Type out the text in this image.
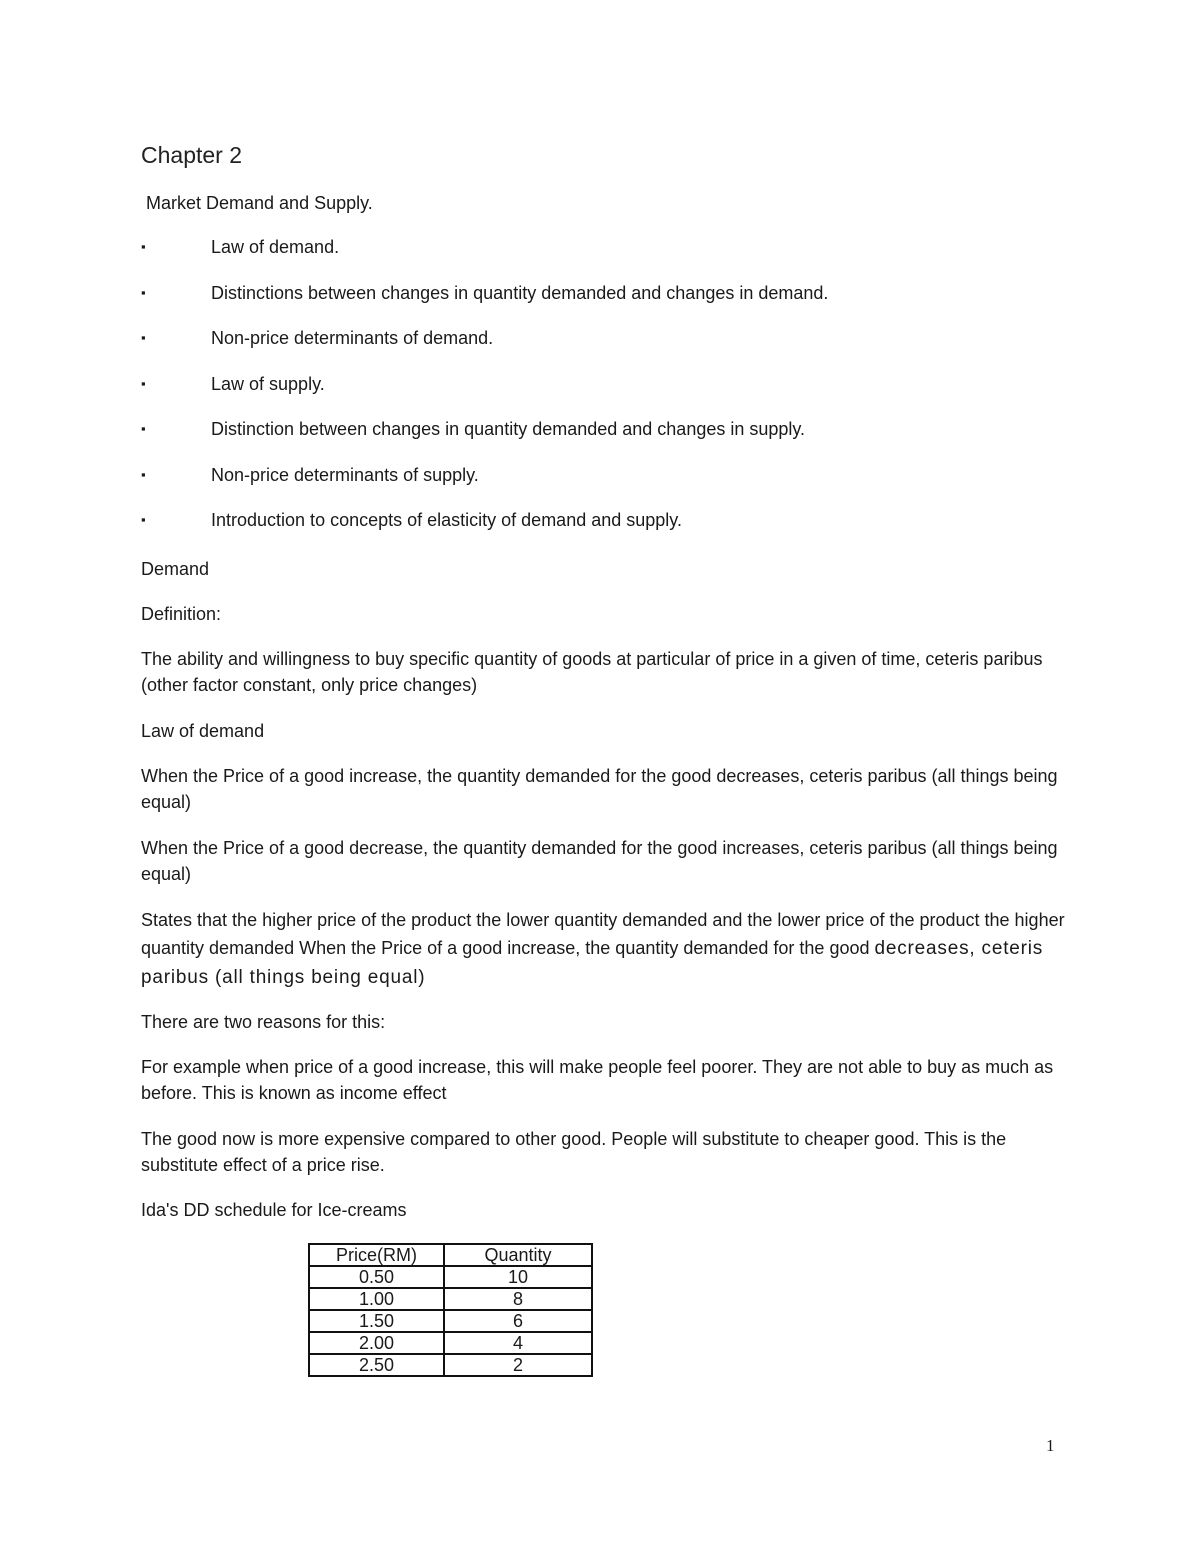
Chapter 2
Market Demand and Supply.
▪	Law of demand.
▪	Distinctions between changes in quantity demanded and changes in demand.
▪	Non-price determinants of demand.
▪	Law of supply.
▪	Distinction between changes in quantity demanded and changes in supply.
▪	Non-price determinants of supply.
▪	Introduction to concepts of elasticity of demand and supply.
Demand
Definition:
The ability and willingness to buy specific quantity of goods at particular of price in a given of time, ceteris paribus (other factor constant, only price changes)
Law of demand
When the Price of a good increase, the quantity demanded for the good decreases, ceteris paribus (all things being equal)
When the Price of a good decrease, the quantity demanded for the good increases, ceteris paribus (all things being equal)
States that the higher price of the product the lower quantity demanded and the lower price of the product the higher quantity demanded When the Price of a good increase, the quantity demanded for the good decreases, ceteris paribus (all things being equal)
There are two reasons for this:
For example when price of a good increase, this will make people feel poorer. They are not able to buy as much as before. This is known as income effect
The good now is more expensive compared to other good. People will substitute to cheaper good. This is the substitute effect of a price rise.
Ida's DD schedule for Ice-creams
Price(RM)	Quantity
0.50	10
1.00	8
1.50	6
2.00	4
2.50	2
1
